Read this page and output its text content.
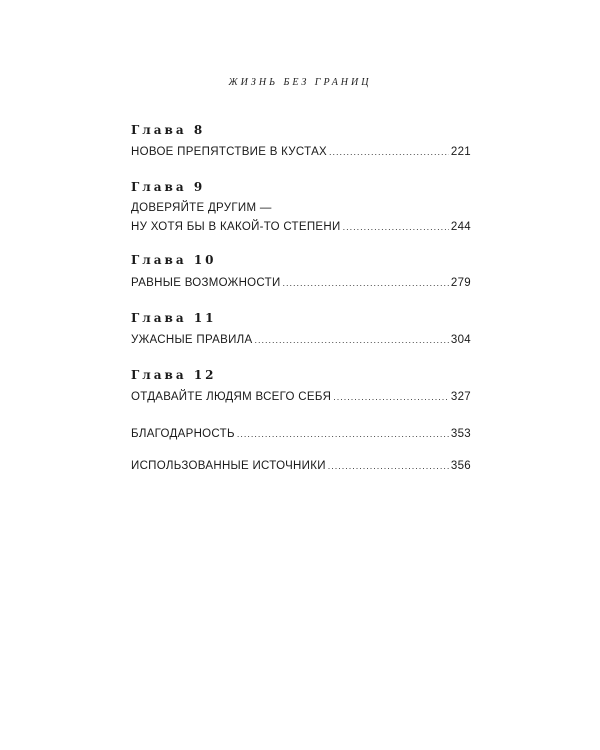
ЖИЗНЬ БЕЗ ГРАНИЦ
Глава 8
НОВОЕ ПРЕПЯТСТВИЕ В КУСТАХ .....	221
Глава 9
ДОВЕРЯЙТЕ ДРУГИМ —
НУ ХОТЯ БЫ В КАКОЙ-ТО СТЕПЕНИ .....	244
Глава 10
РАВНЫЕ ВОЗМОЖНОСТИ .....	279
Глава 11
УЖАСНЫЕ ПРАВИЛА .....	304
Глава 12
ОТДАВАЙТЕ ЛЮДЯМ ВСЕГО СЕБЯ .....	327
БЛАГОДАРНОСТЬ .....	353
ИСПОЛЬЗОВАННЫЕ ИСТОЧНИКИ .....	356
